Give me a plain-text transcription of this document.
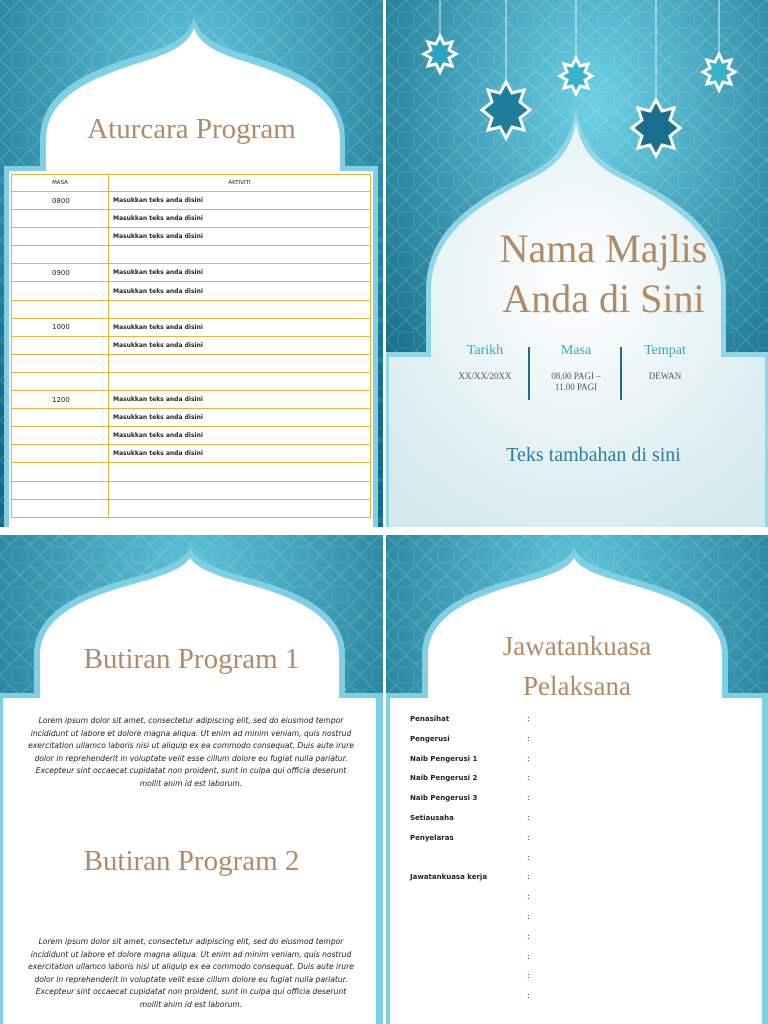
Aturcara Program
MASA	AKTIVITI
0800	Masukkan teks anda disini
	Masukkan teks anda disini
	Masukkan teks anda disini

0900	Masukkan teks anda disini
	Masukkan teks anda disini

1000	Masukkan teks anda disini
	Masukkan teks anda disini

1200	Masukkan teks anda disini
	Masukkan teks anda disini
	Masukkan teks anda disini
	Masukkan teks anda disini

Nama Majlis
Anda di Sini
Tarikh
XX/XX/20XX
Masa
08.00 PAGI –
11.00 PAGI
Tempat
DEWAN
Teks tambahan di sini
Butiran Program 1
Lorem ipsum dolor sit amet, consectetur adipiscing elit, sed do eiusmod tempor incididunt ut labore et dolore magna aliqua. Ut enim ad minim veniam, quis nostrud exercitation ullamco laboris nisi ut aliquip ex ea commodo consequat. Duis aute irure dolor in reprehenderit in voluptate velit esse cillum dolore eu fugiat nulla pariatur. Excepteur sint occaecat cupidatat non proident, sunt in culpa qui officia deserunt mollit anim id est laborum.
Butiran Program 2
Lorem ipsum dolor sit amet, consectetur adipiscing elit, sed do eiusmod tempor incididunt ut labore et dolore magna aliqua. Ut enim ad minim veniam, quis nostrud exercitation ullamco laboris nisi ut aliquip ex ea commodo consequat. Duis aute irure dolor in reprehenderit in voluptate velit esse cillum dolore eu fugiat nulla pariatur. Excepteur sint occaecat cupidatat non proident, sunt in culpa qui officia deserunt mollit anim id est laborum.
Jawatankuasa
Pelaksana
Penasihat	:
Pengerusi	:
Naib Pengerusi 1	:
Naib Pengerusi 2	:
Naib Pengerusi 3	:
Setiausaha	:
Penyelaras	:
:
Jawatankuasa kerja	:
:
:
:
:
:
:
